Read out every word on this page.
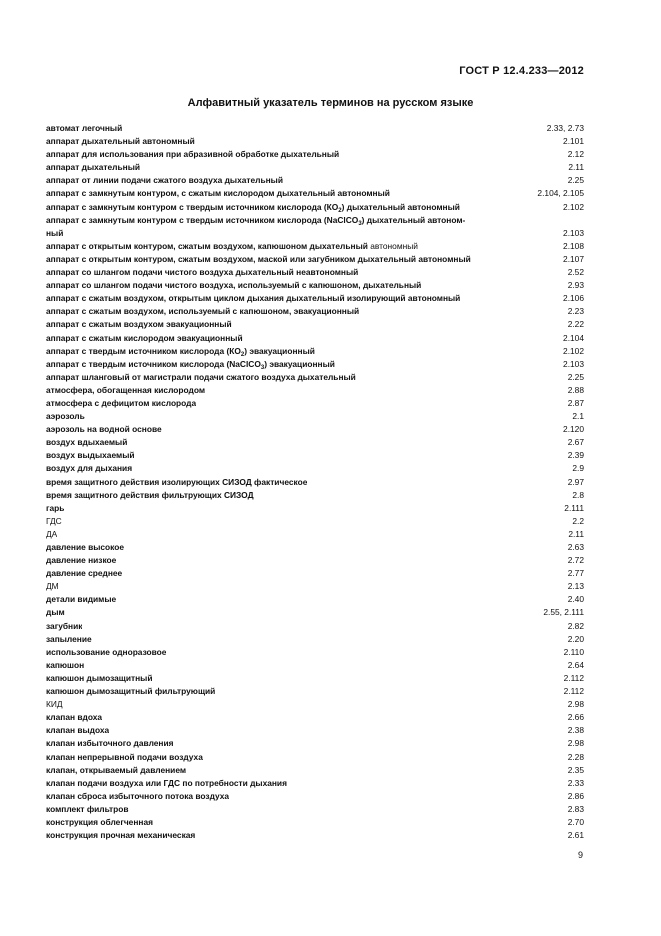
ГОСТ Р 12.4.233—2012
Алфавитный указатель терминов на русском языке
автомат легочный	2.33, 2.73
аппарат дыхательный автономный	2.101
аппарат для использования при абразивной обработке дыхательный	2.12
аппарат дыхательный	2.11
аппарат от линии подачи сжатого воздуха дыхательный	2.25
аппарат с замкнутым контуром, с сжатым кислородом дыхательный автономный	2.104, 2.105
аппарат с замкнутым контуром с твердым источником кислорода $(КО_2)$ дыхательный автономный	2.102
аппарат с замкнутым контуром с твердым источником кислорода (NaClCO$_3$) дыхательный автоном-
ный	2.103
аппарат с открытым контуром, сжатым воздухом, капюшоном дыхательный автономный	2.108
аппарат с открытым контуром, сжатым воздухом, маской или загубником дыхательный автономный	2.107
аппарат со шлангом подачи чистого воздуха дыхательный неавтономный	2.52
аппарат со шлангом подачи чистого воздуха, используемый с капюшоном, дыхательный	2.93
аппарат с сжатым воздухом, открытым циклом дыхания дыхательный изолирующий автономный	2.106
аппарат с сжатым воздухом, используемый с капюшоном, эвакуационный	2.23
аппарат с сжатым воздухом эвакуационный	2.22
аппарат с сжатым кислородом эвакуационный	2.104
аппарат с твердым источником кислорода $(КО_2)$ эвакуационный	2.102
аппарат с твердым источником кислорода (NaClCO$_3$) эвакуационный	2.103
аппарат шланговый от магистрали подачи сжатого воздуха дыхательный	2.25
атмосфера, обогащенная кислородом	2.88
атмосфера с дефицитом кислорода	2.87
аэрозоль	2.1
аэрозоль на водной основе	2.120
воздух вдыхаемый	2.67
воздух выдыхаемый	2.39
воздух для дыхания	2.9
время защитного действия изолирующих СИЗОД фактическое	2.97
время защитного действия фильтрующих СИЗОД	2.8
гарь	2.111
ГДС	2.2
ДА	2.11
давление высокое	2.63
давление низкое	2.72
давление среднее	2.77
ДМ	2.13
детали видимые	2.40
дым	2.55, 2.111
загубник	2.82
запыление	2.20
использование одноразовое	2.110
капюшон	2.64
капюшон дымозащитный	2.112
капюшон дымозащитный фильтрующий	2.112
КИД	2.98
клапан вдоха	2.66
клапан выдоха	2.38
клапан избыточного давления	2.98
клапан непрерывной подачи воздуха	2.28
клапан, открываемый давлением	2.35
клапан подачи воздуха или ГДС по потребности дыхания	2.33
клапан сброса избыточного потока воздуха	2.86
комплект фильтров	2.83
конструкция облегченная	2.70
конструкция прочная механическая	2.61
9
